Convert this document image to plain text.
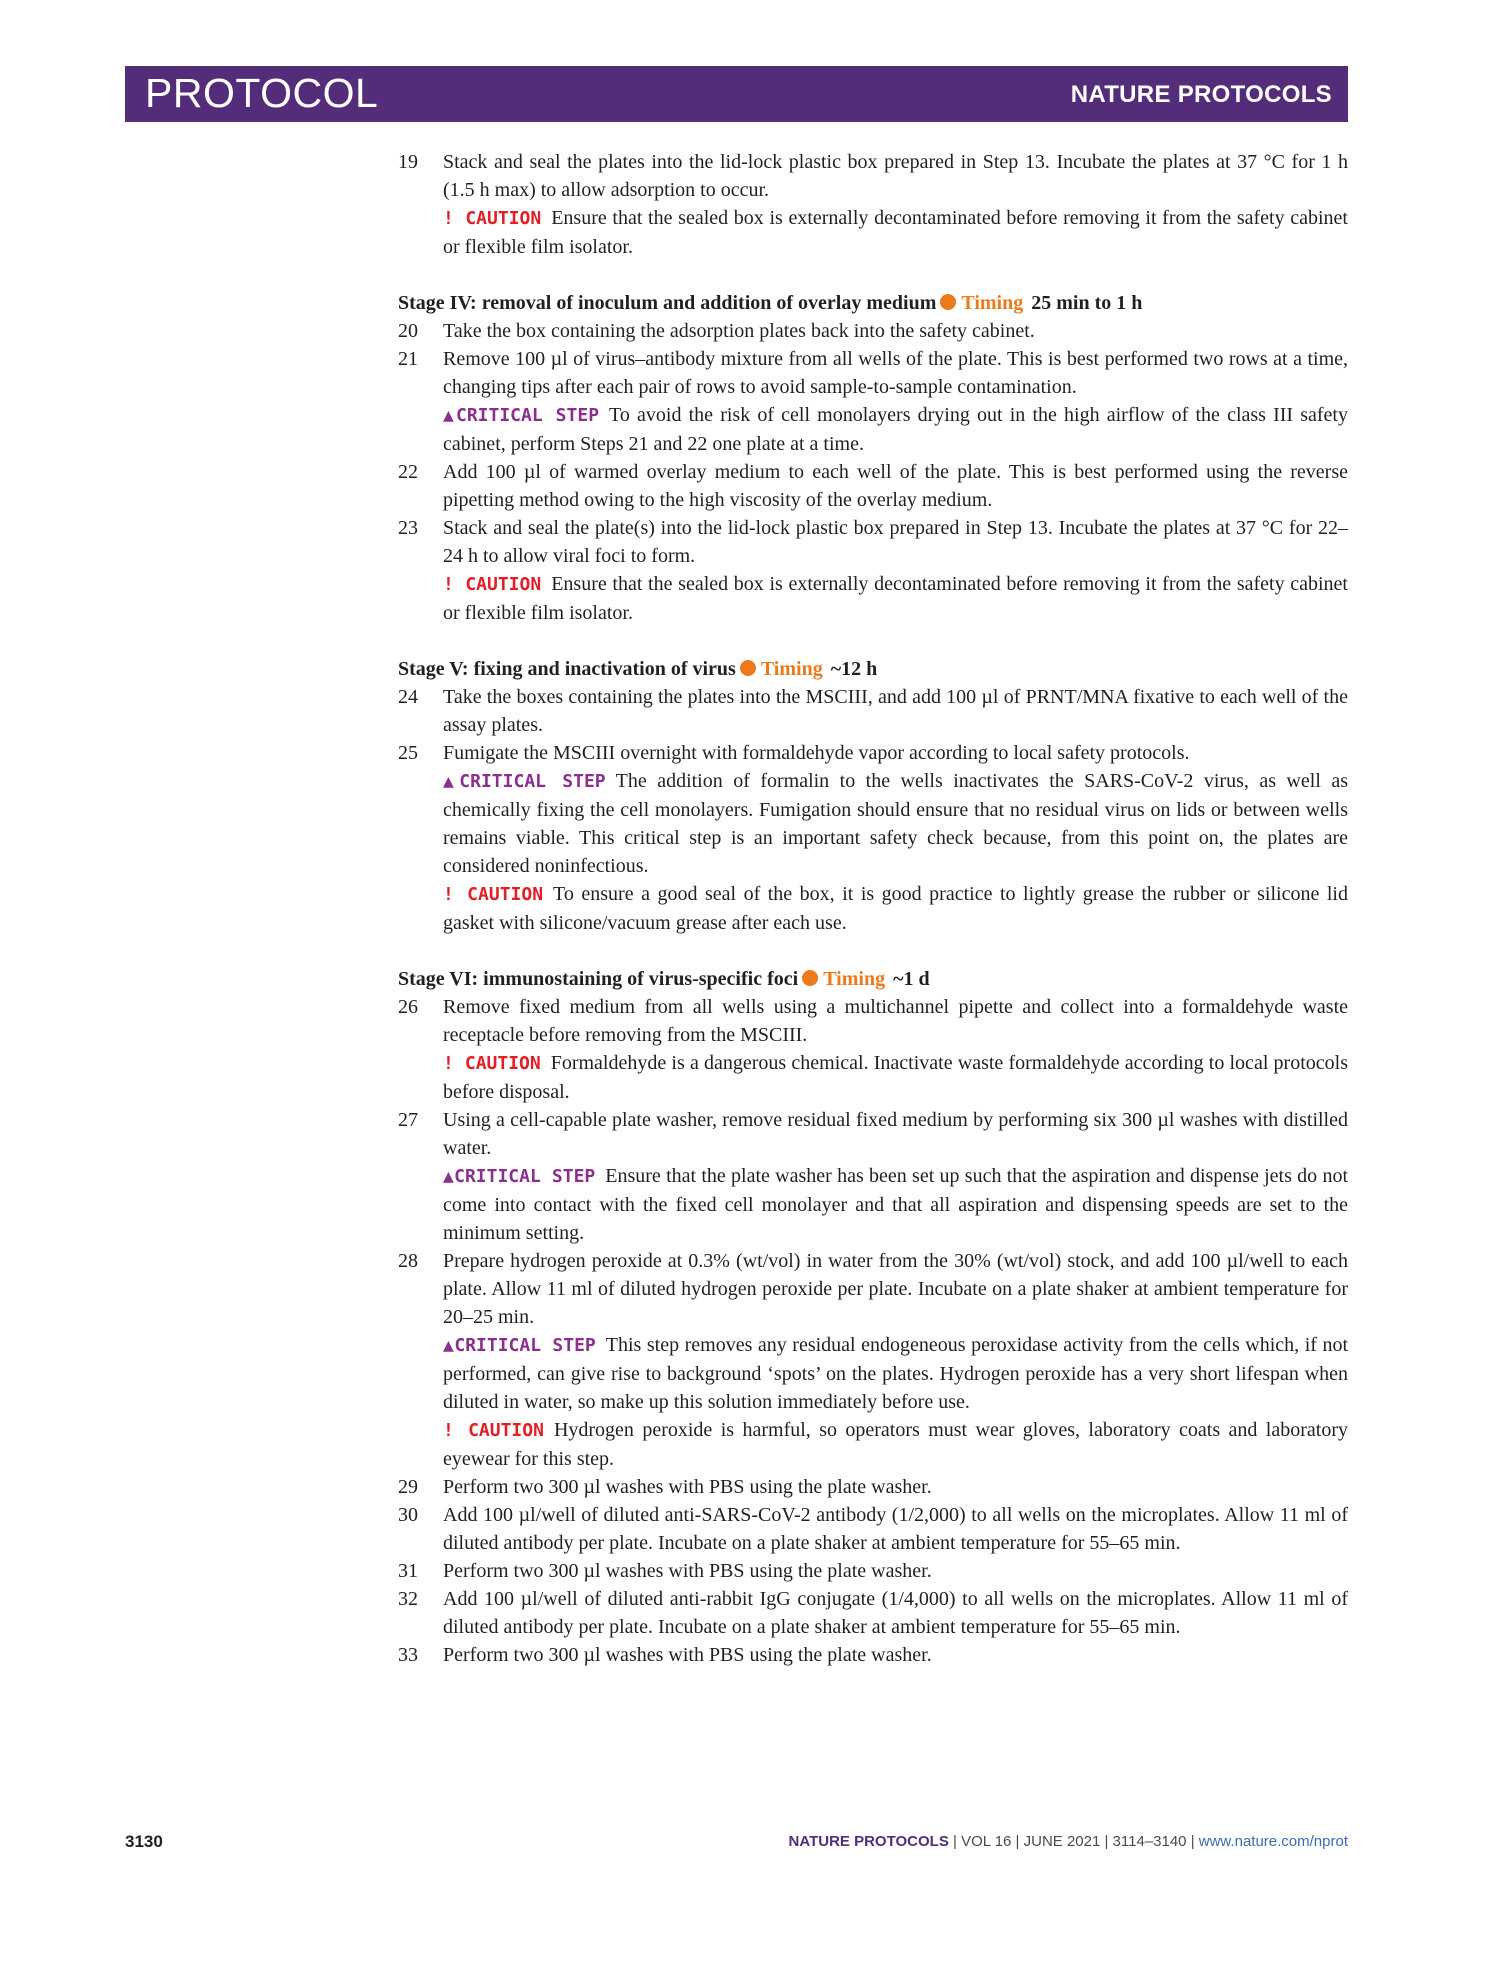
PROTOCOL	NATURE PROTOCOLS
19	Stack and seal the plates into the lid-lock plastic box prepared in Step 13. Incubate the plates at 37 °C for 1 h (1.5 h max) to allow adsorption to occur.
! CAUTION Ensure that the sealed box is externally decontaminated before removing it from the safety cabinet or flexible film isolator.
Stage IV: removal of inoculum and addition of overlay medium Timing 25 min to 1 h
20	Take the box containing the adsorption plates back into the safety cabinet.
21	Remove 100 µl of virus–antibody mixture from all wells of the plate. This is best performed two rows at a time, changing tips after each pair of rows to avoid sample-to-sample contamination.
▲CRITICAL STEP To avoid the risk of cell monolayers drying out in the high airflow of the class III safety cabinet, perform Steps 21 and 22 one plate at a time.
22	Add 100 µl of warmed overlay medium to each well of the plate. This is best performed using the reverse pipetting method owing to the high viscosity of the overlay medium.
23	Stack and seal the plate(s) into the lid-lock plastic box prepared in Step 13. Incubate the plates at 37 °C for 22–24 h to allow viral foci to form.
! CAUTION Ensure that the sealed box is externally decontaminated before removing it from the safety cabinet or flexible film isolator.
Stage V: fixing and inactivation of virus Timing ~12 h
24	Take the boxes containing the plates into the MSCIII, and add 100 µl of PRNT/MNA fixative to each well of the assay plates.
25	Fumigate the MSCIII overnight with formaldehyde vapor according to local safety protocols.
▲CRITICAL STEP The addition of formalin to the wells inactivates the SARS-CoV-2 virus, as well as chemically fixing the cell monolayers. Fumigation should ensure that no residual virus on lids or between wells remains viable. This critical step is an important safety check because, from this point on, the plates are considered noninfectious.
! CAUTION To ensure a good seal of the box, it is good practice to lightly grease the rubber or silicone lid gasket with silicone/vacuum grease after each use.
Stage VI: immunostaining of virus-specific foci Timing ~1 d
26	Remove fixed medium from all wells using a multichannel pipette and collect into a formaldehyde waste receptacle before removing from the MSCIII.
! CAUTION Formaldehyde is a dangerous chemical. Inactivate waste formaldehyde according to local protocols before disposal.
27	Using a cell-capable plate washer, remove residual fixed medium by performing six 300 µl washes with distilled water.
▲CRITICAL STEP Ensure that the plate washer has been set up such that the aspiration and dispense jets do not come into contact with the fixed cell monolayer and that all aspiration and dispensing speeds are set to the minimum setting.
28	Prepare hydrogen peroxide at 0.3% (wt/vol) in water from the 30% (wt/vol) stock, and add 100 µl/well to each plate. Allow 11 ml of diluted hydrogen peroxide per plate. Incubate on a plate shaker at ambient temperature for 20–25 min.
▲CRITICAL STEP This step removes any residual endogeneous peroxidase activity from the cells which, if not performed, can give rise to background ‘spots’ on the plates. Hydrogen peroxide has a very short lifespan when diluted in water, so make up this solution immediately before use.
! CAUTION Hydrogen peroxide is harmful, so operators must wear gloves, laboratory coats and laboratory eyewear for this step.
29	Perform two 300 µl washes with PBS using the plate washer.
30	Add 100 µl/well of diluted anti-SARS-CoV-2 antibody (1/2,000) to all wells on the microplates. Allow 11 ml of diluted antibody per plate. Incubate on a plate shaker at ambient temperature for 55–65 min.
31	Perform two 300 µl washes with PBS using the plate washer.
32	Add 100 µl/well of diluted anti-rabbit IgG conjugate (1/4,000) to all wells on the microplates. Allow 11 ml of diluted antibody per plate. Incubate on a plate shaker at ambient temperature for 55–65 min.
33	Perform two 300 µl washes with PBS using the plate washer.
3130	NATURE PROTOCOLS | VOL 16 | JUNE 2021 | 3114–3140 | www.nature.com/nprot
